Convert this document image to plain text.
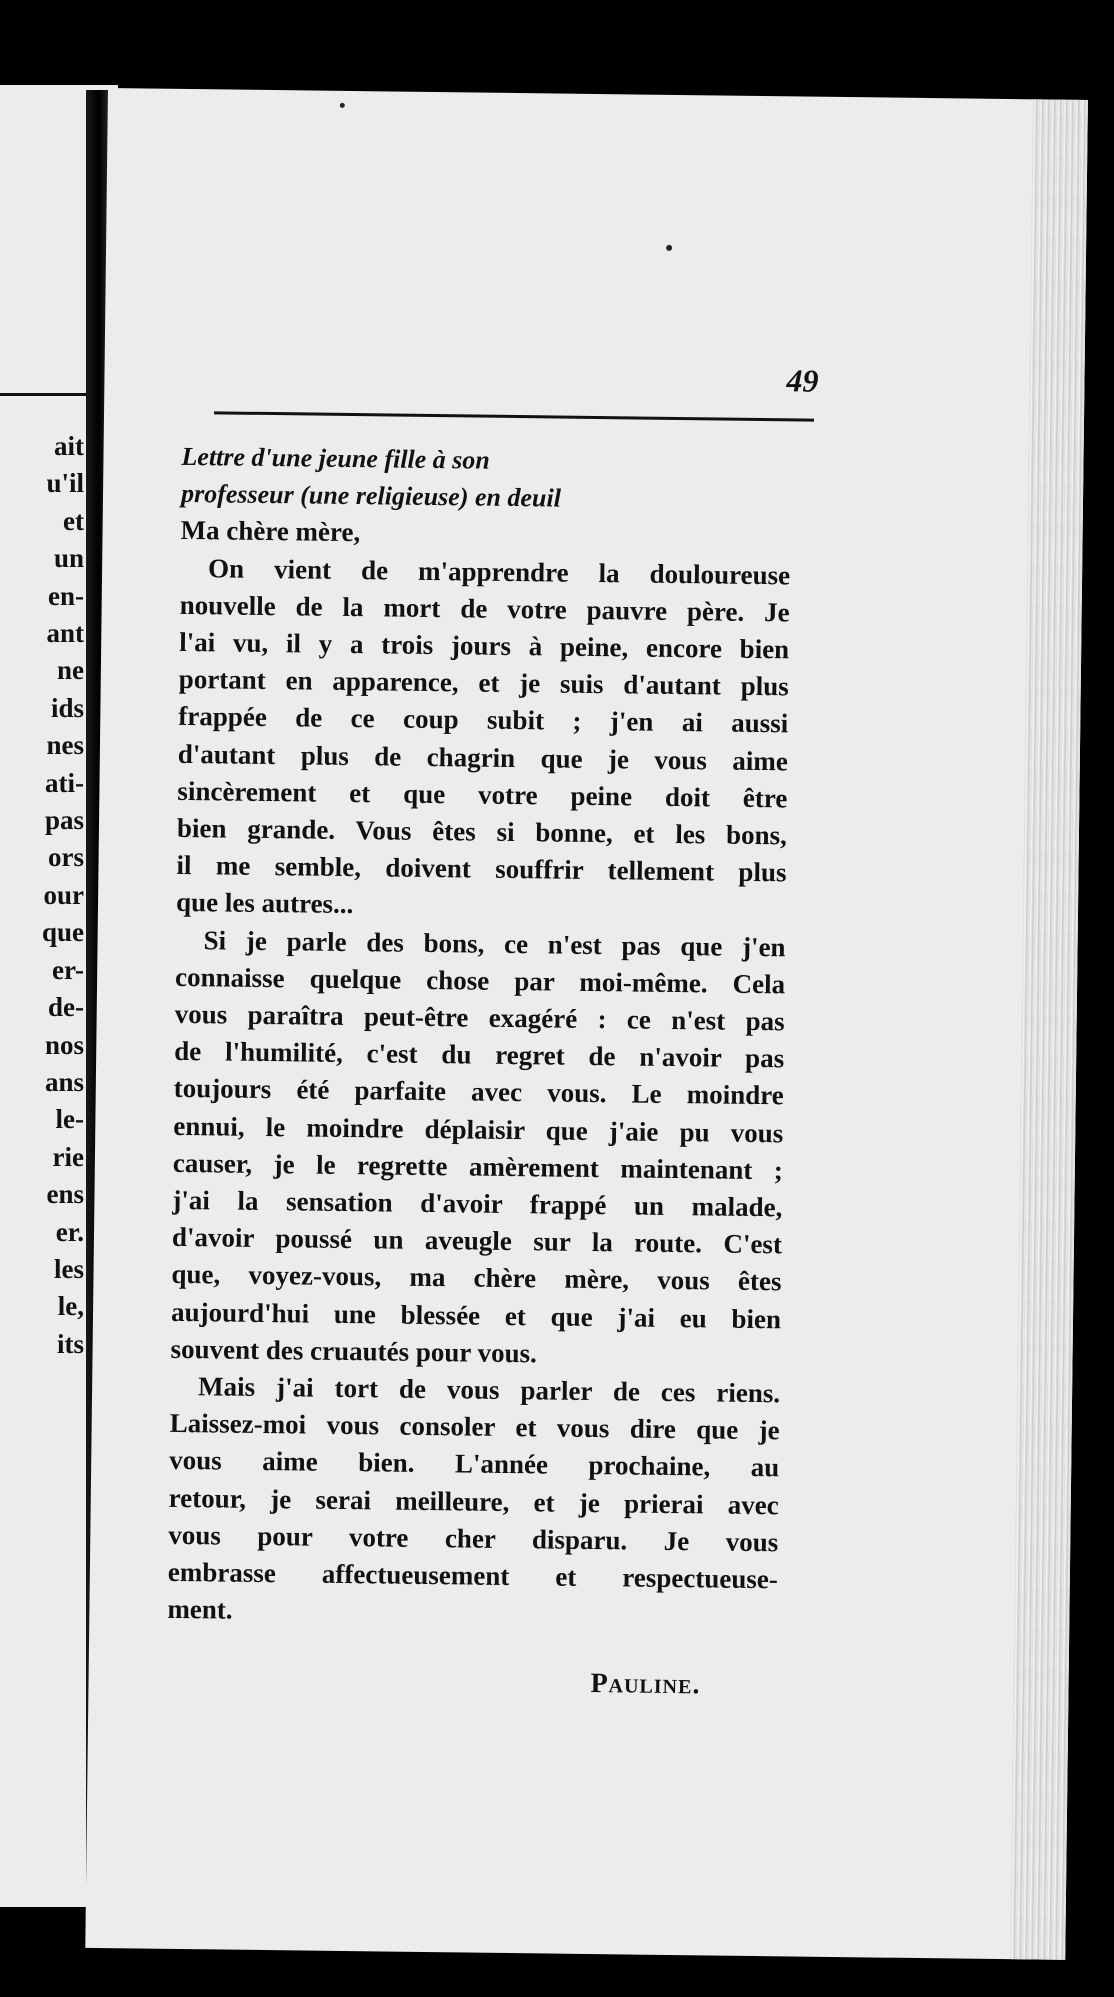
ait
u'il
et
un
en-
ant
ne
ids
nes
ati-
pas
ors
our
que
er-
de-
nos
ans
le-
rie
ens
er.
les
le,
its
49
Lettre d'une jeune fille à son
professeur (une religieuse) en deuil
Ma chère mère,
On vient de m'apprendre la douloureuse
nouvelle de la mort de votre pauvre père. Je
l'ai vu, il y a trois jours à peine, encore bien
portant en apparence, et je suis d'autant plus
frappée de ce coup subit ; j'en ai aussi
d'autant plus de chagrin que je vous aime
sincèrement et que votre peine doit être
bien grande. Vous êtes si bonne, et les bons,
il me semble, doivent souffrir tellement plus
que les autres...
Si je parle des bons, ce n'est pas que j'en
connaisse quelque chose par moi-même. Cela
vous paraîtra peut-être exagéré : ce n'est pas
de l'humilité, c'est du regret de n'avoir pas
toujours été parfaite avec vous. Le moindre
ennui, le moindre déplaisir que j'aie pu vous
causer, je le regrette amèrement maintenant ;
j'ai la sensation d'avoir frappé un malade,
d'avoir poussé un aveugle sur la route. C'est
que, voyez-vous, ma chère mère, vous êtes
aujourd'hui une blessée et que j'ai eu bien
souvent des cruautés pour vous.
Mais j'ai tort de vous parler de ces riens.
Laissez-moi vous consoler et vous dire que je
vous aime bien. L'année prochaine, au
retour, je serai meilleure, et je prierai avec
vous pour votre cher disparu. Je vous
embrasse affectueusement et respectueuse-
ment.
Pauline.
